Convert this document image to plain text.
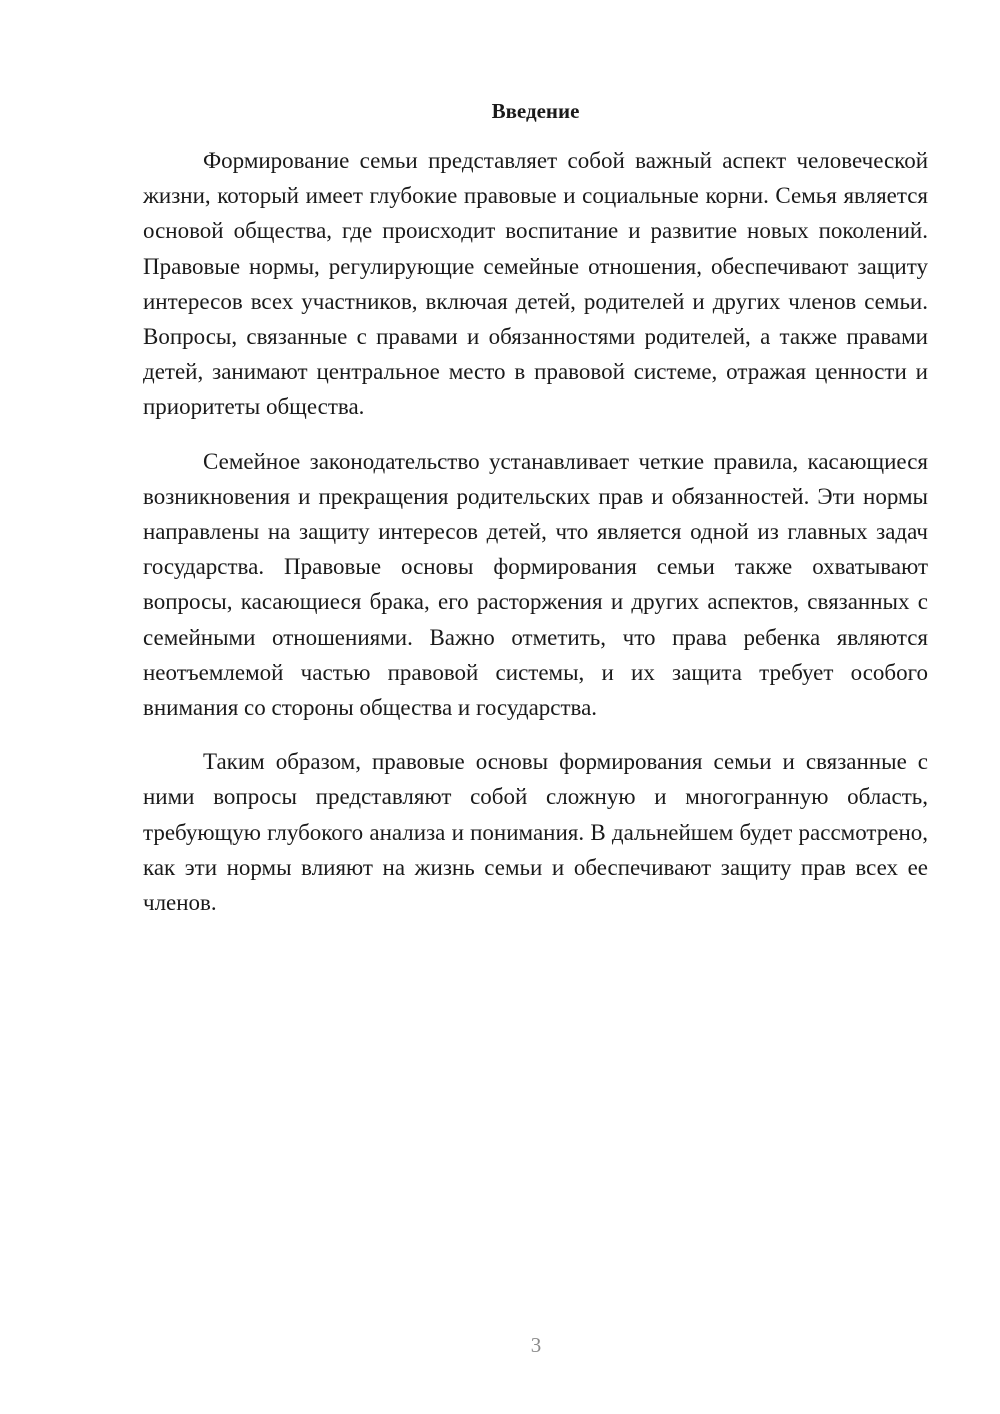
Введение

Формирование семьи представляет собой важный аспект человеческой жизни, который имеет глубокие правовые и социальные корни. Семья является основой общества, где происходит воспитание и развитие новых поколений. Правовые нормы, регулирующие семейные отношения, обеспечивают защиту интересов всех участников, включая детей, родителей и других членов семьи. Вопросы, связанные с правами и обязанностями родителей, а также правами детей, занимают центральное место в правовой системе, отражая ценности и приоритеты общества.

Семейное законодательство устанавливает четкие правила, касающиеся возникновения и прекращения родительских прав и обязанностей. Эти нормы направлены на защиту интересов детей, что является одной из главных задач государства. Правовые основы формирования семьи также охватывают вопросы, касающиеся брака, его расторжения и других аспектов, связанных с семейными отношениями. Важно отметить, что права ребенка являются неотъемлемой частью правовой системы, и их защита требует особого внимания со стороны общества и государства.

Таким образом, правовые основы формирования семьи и связанные с ними вопросы представляют собой сложную и многогранную область, требующую глубокого анализа и понимания. В дальнейшем будет рассмотрено, как эти нормы влияют на жизнь семьи и обеспечивают защиту прав всех ее членов.

3
